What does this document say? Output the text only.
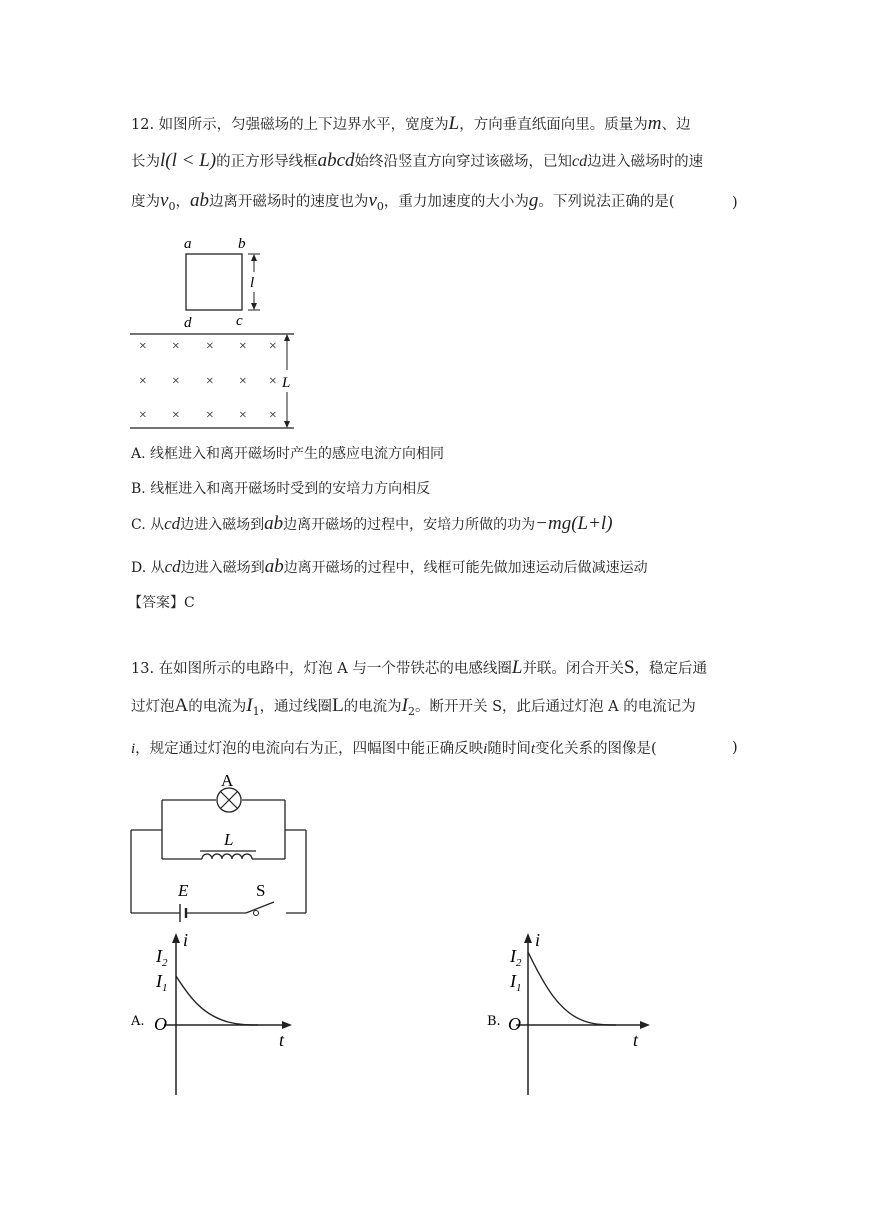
12. 如图所示，匀强磁场的上下边界水平，宽度为L，方向垂直纸面向里。质量为m、边
长为l(l < L)的正方形导线框abcd始终沿竖直方向穿过该磁场，已知cd边进入磁场时的速
度为$v_0$，ab边离开磁场时的速度也为$v_0$，重力加速度的大小为g。下列说法正确的是(	)
a	b
d	c
l
× × × × ×
× × × × ×
× × × × ×
L
A. 线框进入和离开磁场时产生的感应电流方向相同
B. 线框进入和离开磁场时受到的安培力方向相反
C. 从cd边进入磁场到ab边离开磁场的过程中，安培力所做的功为−mg(L+l)
D. 从cd边进入磁场到ab边离开磁场的过程中，线框可能先做加速运动后做减速运动
【答案】C
13. 在如图所示的电路中，灯泡 A 与一个带铁芯的电感线圈L并联。闭合开关S，稳定后通
过灯泡A的电流为$I_1$，通过线圈L的电流为$I_2$。断开开关 S，此后通过灯泡 A 的电流记为
i，规定通过灯泡的电流向右为正，四幅图中能正确反映i随时间t变化关系的图像是(	)
A
L
E	S
A.
i
t
O
$I_2$
$I_1$
B.
i
t
O
$I_2$
$I_1$
